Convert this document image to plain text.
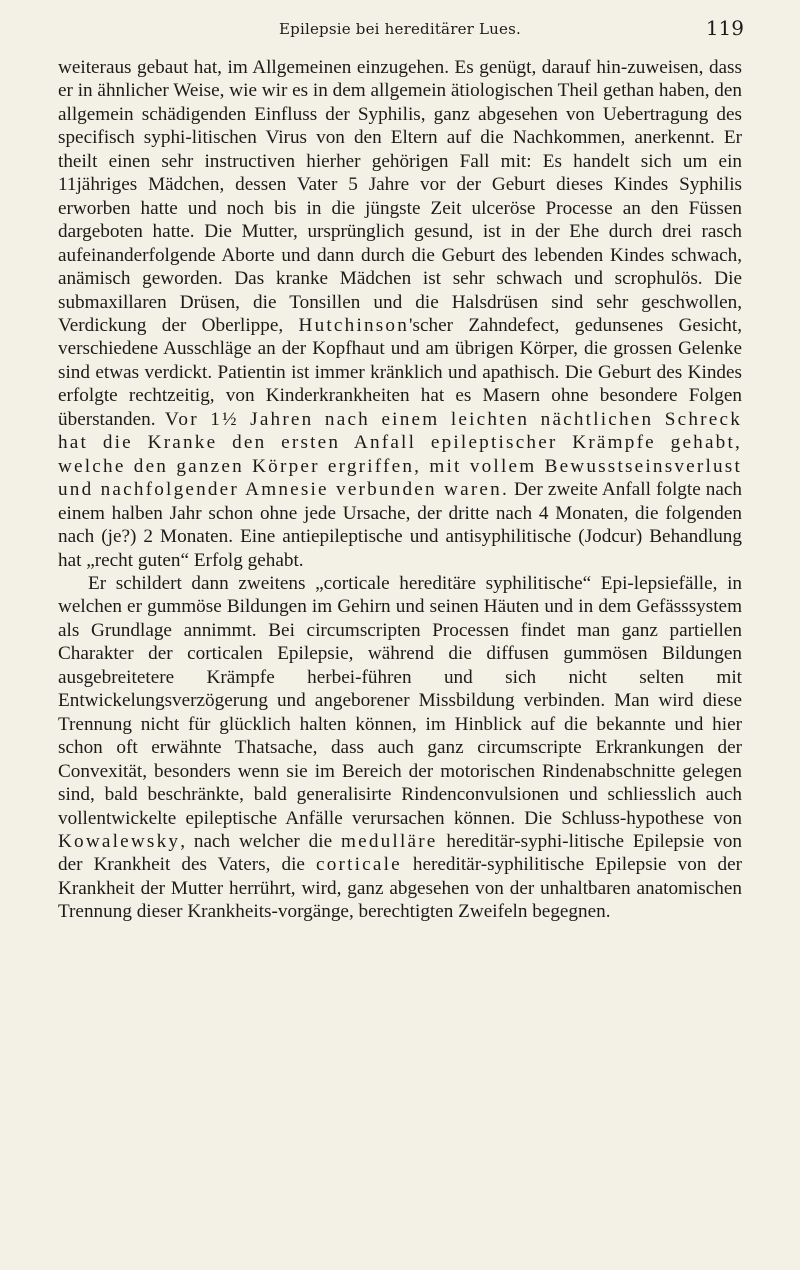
Epilepsie bei hereditärer Lues.	119

weiteraus gebaut hat, im Allgemeinen einzugehen. Es genügt, darauf hin-zuweisen, dass er in ähnlicher Weise, wie wir es in dem allgemein ätiologischen Theil gethan haben, den allgemein schädigenden Einfluss der Syphilis, ganz abgesehen von Uebertragung des specifisch syphi-litischen Virus von den Eltern auf die Nachkommen, anerkennt. Er theilt einen sehr instructiven hierher gehörigen Fall mit: Es handelt sich um ein 11jähriges Mädchen, dessen Vater 5 Jahre vor der Geburt dieses Kindes Syphilis erworben hatte und noch bis in die jüngste Zeit ulceröse Processe an den Füssen dargeboten hatte. Die Mutter, ursprünglich gesund, ist in der Ehe durch drei rasch aufeinanderfolgende Aborte und dann durch die Geburt des lebenden Kindes schwach, anämisch geworden. Das kranke Mädchen ist sehr schwach und scrophulös. Die submaxillaren Drüsen, die Tonsillen und die Halsdrüsen sind sehr geschwollen, Verdickung der Oberlippe, Hutchinson'scher Zahndefect, gedunsenes Gesicht, verschiedene Ausschläge an der Kopfhaut und am übrigen Körper, die grossen Gelenke sind etwas verdickt. Patientin ist immer kränklich und apathisch. Die Geburt des Kindes erfolgte rechtzeitig, von Kinderkrankheiten hat es Masern ohne besondere Folgen überstanden. Vor 1½ Jahren nach einem leichten nächtlichen Schreck hat die Kranke den ersten Anfall epileptischer Krämpfe gehabt, welche den ganzen Körper ergriffen, mit vollem Bewusstseinsverlust und nachfolgender Amnesie verbunden waren. Der zweite Anfall folgte nach einem halben Jahr schon ohne jede Ursache, der dritte nach 4 Monaten, die folgenden nach (je?) 2 Monaten. Eine antiepileptische und antisyphilitische (Jodcur) Behandlung hat „recht guten“ Erfolg gehabt.

Er schildert dann zweitens „corticale hereditäre syphilitische“ Epi-lepsiefälle, in welchen er gummöse Bildungen im Gehirn und seinen Häuten und in dem Gefässsystem als Grundlage annimmt. Bei circumscripten Processen findet man ganz partiellen Charakter der corticalen Epilepsie, während die diffusen gummösen Bildungen ausgebreitetere Krämpfe herbei-führen und sich nicht selten mit Entwickelungsverzögerung und angeborener Missbildung verbinden. Man wird diese Trennung nicht für glücklich halten können, im Hinblick auf die bekannte und hier schon oft erwähnte Thatsache, dass auch ganz circumscripte Erkrankungen der Convexität, besonders wenn sie im Bereich der motorischen Rindenabschnitte gelegen sind, bald beschränkte, bald generalisirte Rindenconvulsionen und schliesslich auch vollentwickelte epileptische Anfälle verursachen können. Die Schluss-hypothese von Kowalewsky, nach welcher die medulläre hereditär-syphi-litische Epilepsie von der Krankheit des Vaters, die corticale hereditär-syphilitische Epilepsie von der Krankheit der Mutter herrührt, wird, ganz abgesehen von der unhaltbaren anatomischen Trennung dieser Krankheits-vorgänge, berechtigten Zweifeln begegnen.
